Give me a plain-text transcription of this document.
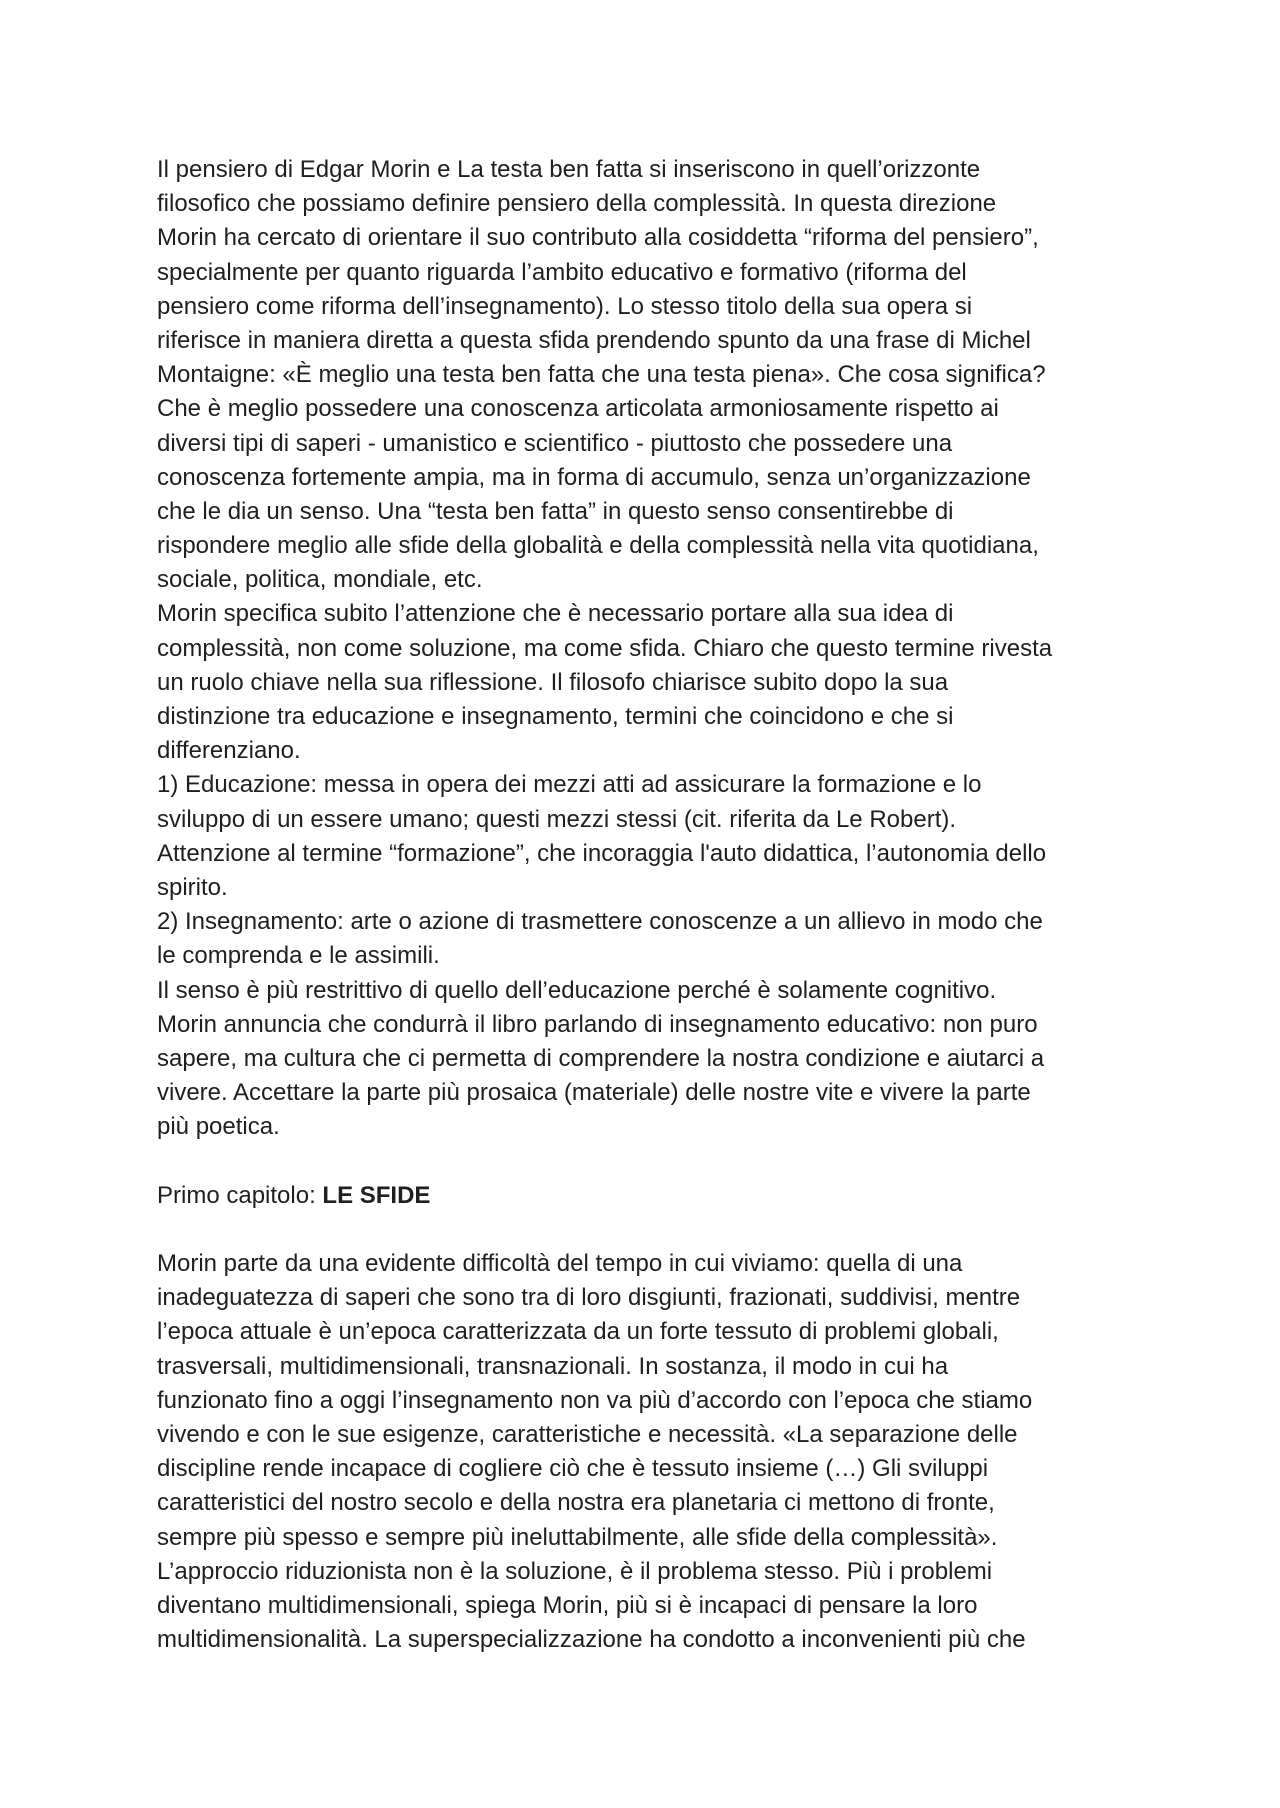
Il pensiero di Edgar Morin e La testa ben fatta si inseriscono in quell’orizzonte
filosofico che possiamo definire pensiero della complessità. In questa direzione
Morin ha cercato di orientare il suo contributo alla cosiddetta “riforma del pensiero”,
specialmente per quanto riguarda l’ambito educativo e formativo (riforma del
pensiero come riforma dell’insegnamento). Lo stesso titolo della sua opera si
riferisce in maniera diretta a questa sfida prendendo spunto da una frase di Michel
Montaigne: «È meglio una testa ben fatta che una testa piena». Che cosa significa?
Che è meglio possedere una conoscenza articolata armoniosamente rispetto ai
diversi tipi di saperi - umanistico e scientifico - piuttosto che possedere una
conoscenza fortemente ampia, ma in forma di accumulo, senza un’organizzazione
che le dia un senso. Una “testa ben fatta” in questo senso consentirebbe di
rispondere meglio alle sfide della globalità e della complessità nella vita quotidiana,
sociale, politica, mondiale, etc.
Morin specifica subito l’attenzione che è necessario portare alla sua idea di
complessità, non come soluzione, ma come sfida. Chiaro che questo termine rivesta
un ruolo chiave nella sua riflessione. Il filosofo chiarisce subito dopo la sua
distinzione tra educazione e insegnamento, termini che coincidono e che si
differenziano.
1) Educazione: messa in opera dei mezzi atti ad assicurare la formazione e lo
sviluppo di un essere umano; questi mezzi stessi (cit. riferita da Le Robert).
Attenzione al termine “formazione”, che incoraggia l'auto didattica, l’autonomia dello
spirito.
2) Insegnamento: arte o azione di trasmettere conoscenze a un allievo in modo che
le comprenda e le assimili.
Il senso è più restrittivo di quello dell’educazione perché è solamente cognitivo.
Morin annuncia che condurrà il libro parlando di insegnamento educativo: non puro
sapere, ma cultura che ci permetta di comprendere la nostra condizione e aiutarci a
vivere. Accettare la parte più prosaica (materiale) delle nostre vite e vivere la parte
più poetica.
Primo capitolo: LE SFIDE
Morin parte da una evidente difficoltà del tempo in cui viviamo: quella di una
inadeguatezza di saperi che sono tra di loro disgiunti, frazionati, suddivisi, mentre
l’epoca attuale è un’epoca caratterizzata da un forte tessuto di problemi globali,
trasversali, multidimensionali, transnazionali. In sostanza, il modo in cui ha
funzionato fino a oggi l’insegnamento non va più d’accordo con l’epoca che stiamo
vivendo e con le sue esigenze, caratteristiche e necessità. «La separazione delle
discipline rende incapace di cogliere ciò che è tessuto insieme (…) Gli sviluppi
caratteristici del nostro secolo e della nostra era planetaria ci mettono di fronte,
sempre più spesso e sempre più ineluttabilmente, alle sfide della complessità».
L’approccio riduzionista non è la soluzione, è il problema stesso. Più i problemi
diventano multidimensionali, spiega Morin, più si è incapaci di pensare la loro
multidimensionalità. La superspecializzazione ha condotto a inconvenienti più che
